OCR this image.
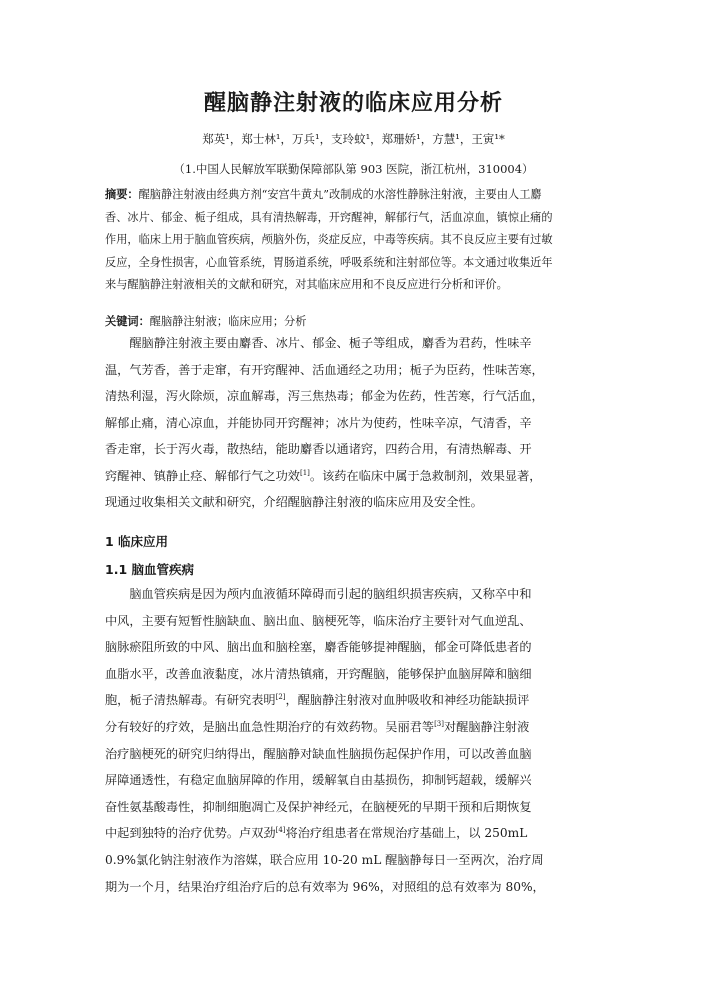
醒脑静注射液的临床应用分析
郑英¹，郑士林¹，万兵¹，支玲蚊¹，郑珊娇¹，方慧¹，王寅¹*
（1.中国人民解放军联勤保障部队第 903 医院，浙江杭州，310004）
摘要：醒脑静注射液由经典方剂“安宫牛黄丸”改制成的水溶性静脉注射液，主要由人工麝
香、冰片、郁金、栀子组成，具有清热解毒，开窍醒神，解郁行气，活血凉血，镇惊止痛的
作用，临床上用于脑血管疾病，颅脑外伤，炎症反应，中毒等疾病。其不良反应主要有过敏
反应，全身性损害，心血管系统，胃肠道系统，呼吸系统和注射部位等。本文通过收集近年
来与醒脑静注射液相关的文献和研究，对其临床应用和不良反应进行分析和评价。
关键词：醒脑静注射液；临床应用；分析
　　醒脑静注射液主要由麝香、冰片、郁金、栀子等组成，麝香为君药，性味辛
温，气芳香，善于走窜，有开窍醒神、活血通经之功用；栀子为臣药，性味苦寒，
清热利湿，泻火除烦，凉血解毒，泻三焦热毒；郁金为佐药，性苦寒，行气活血，
解郁止痛，清心凉血，并能协同开窍醒神；冰片为使药，性味辛凉，气清香，辛
香走窜，长于泻火毒，散热结，能助麝香以通诸窍，四药合用，有清热解毒、开
窍醒神、镇静止痉、解郁行气之功效[1]。该药在临床中属于急救制剂，效果显著，
现通过收集相关文献和研究，介绍醒脑静注射液的临床应用及安全性。
1 临床应用
1.1 脑血管疾病
　　脑血管疾病是因为颅内血液循环障碍而引起的脑组织损害疾病，又称卒中和
中风，主要有短暂性脑缺血、脑出血、脑梗死等，临床治疗主要针对气血逆乱、
脑脉瘀阻所致的中风、脑出血和脑栓塞，麝香能够提神醒脑，郁金可降低患者的
血脂水平，改善血液黏度，冰片清热镇痛，开窍醒脑，能够保护血脑屏障和脑细
胞，栀子清热解毒。有研究表明[2]，醒脑静注射液对血肿吸收和神经功能缺损评
分有较好的疗效，是脑出血急性期治疗的有效药物。吴丽君等[3]对醒脑静注射液
治疗脑梗死的研究归纳得出，醒脑静对缺血性脑损伤起保护作用，可以改善血脑
屏障通透性，有稳定血脑屏障的作用，缓解氧自由基损伤，抑制钙超载，缓解兴
奋性氨基酸毒性，抑制细胞凋亡及保护神经元，在脑梗死的早期干预和后期恢复
中起到独特的治疗优势。卢双劲[4]将治疗组患者在常规治疗基础上，以 250mL
0.9%氯化钠注射液作为溶媒，联合应用 10-20 mL 醒脑静每日一至两次，治疗周
期为一个月，结果治疗组治疗后的总有效率为 96%，对照组的总有效率为 80%，
